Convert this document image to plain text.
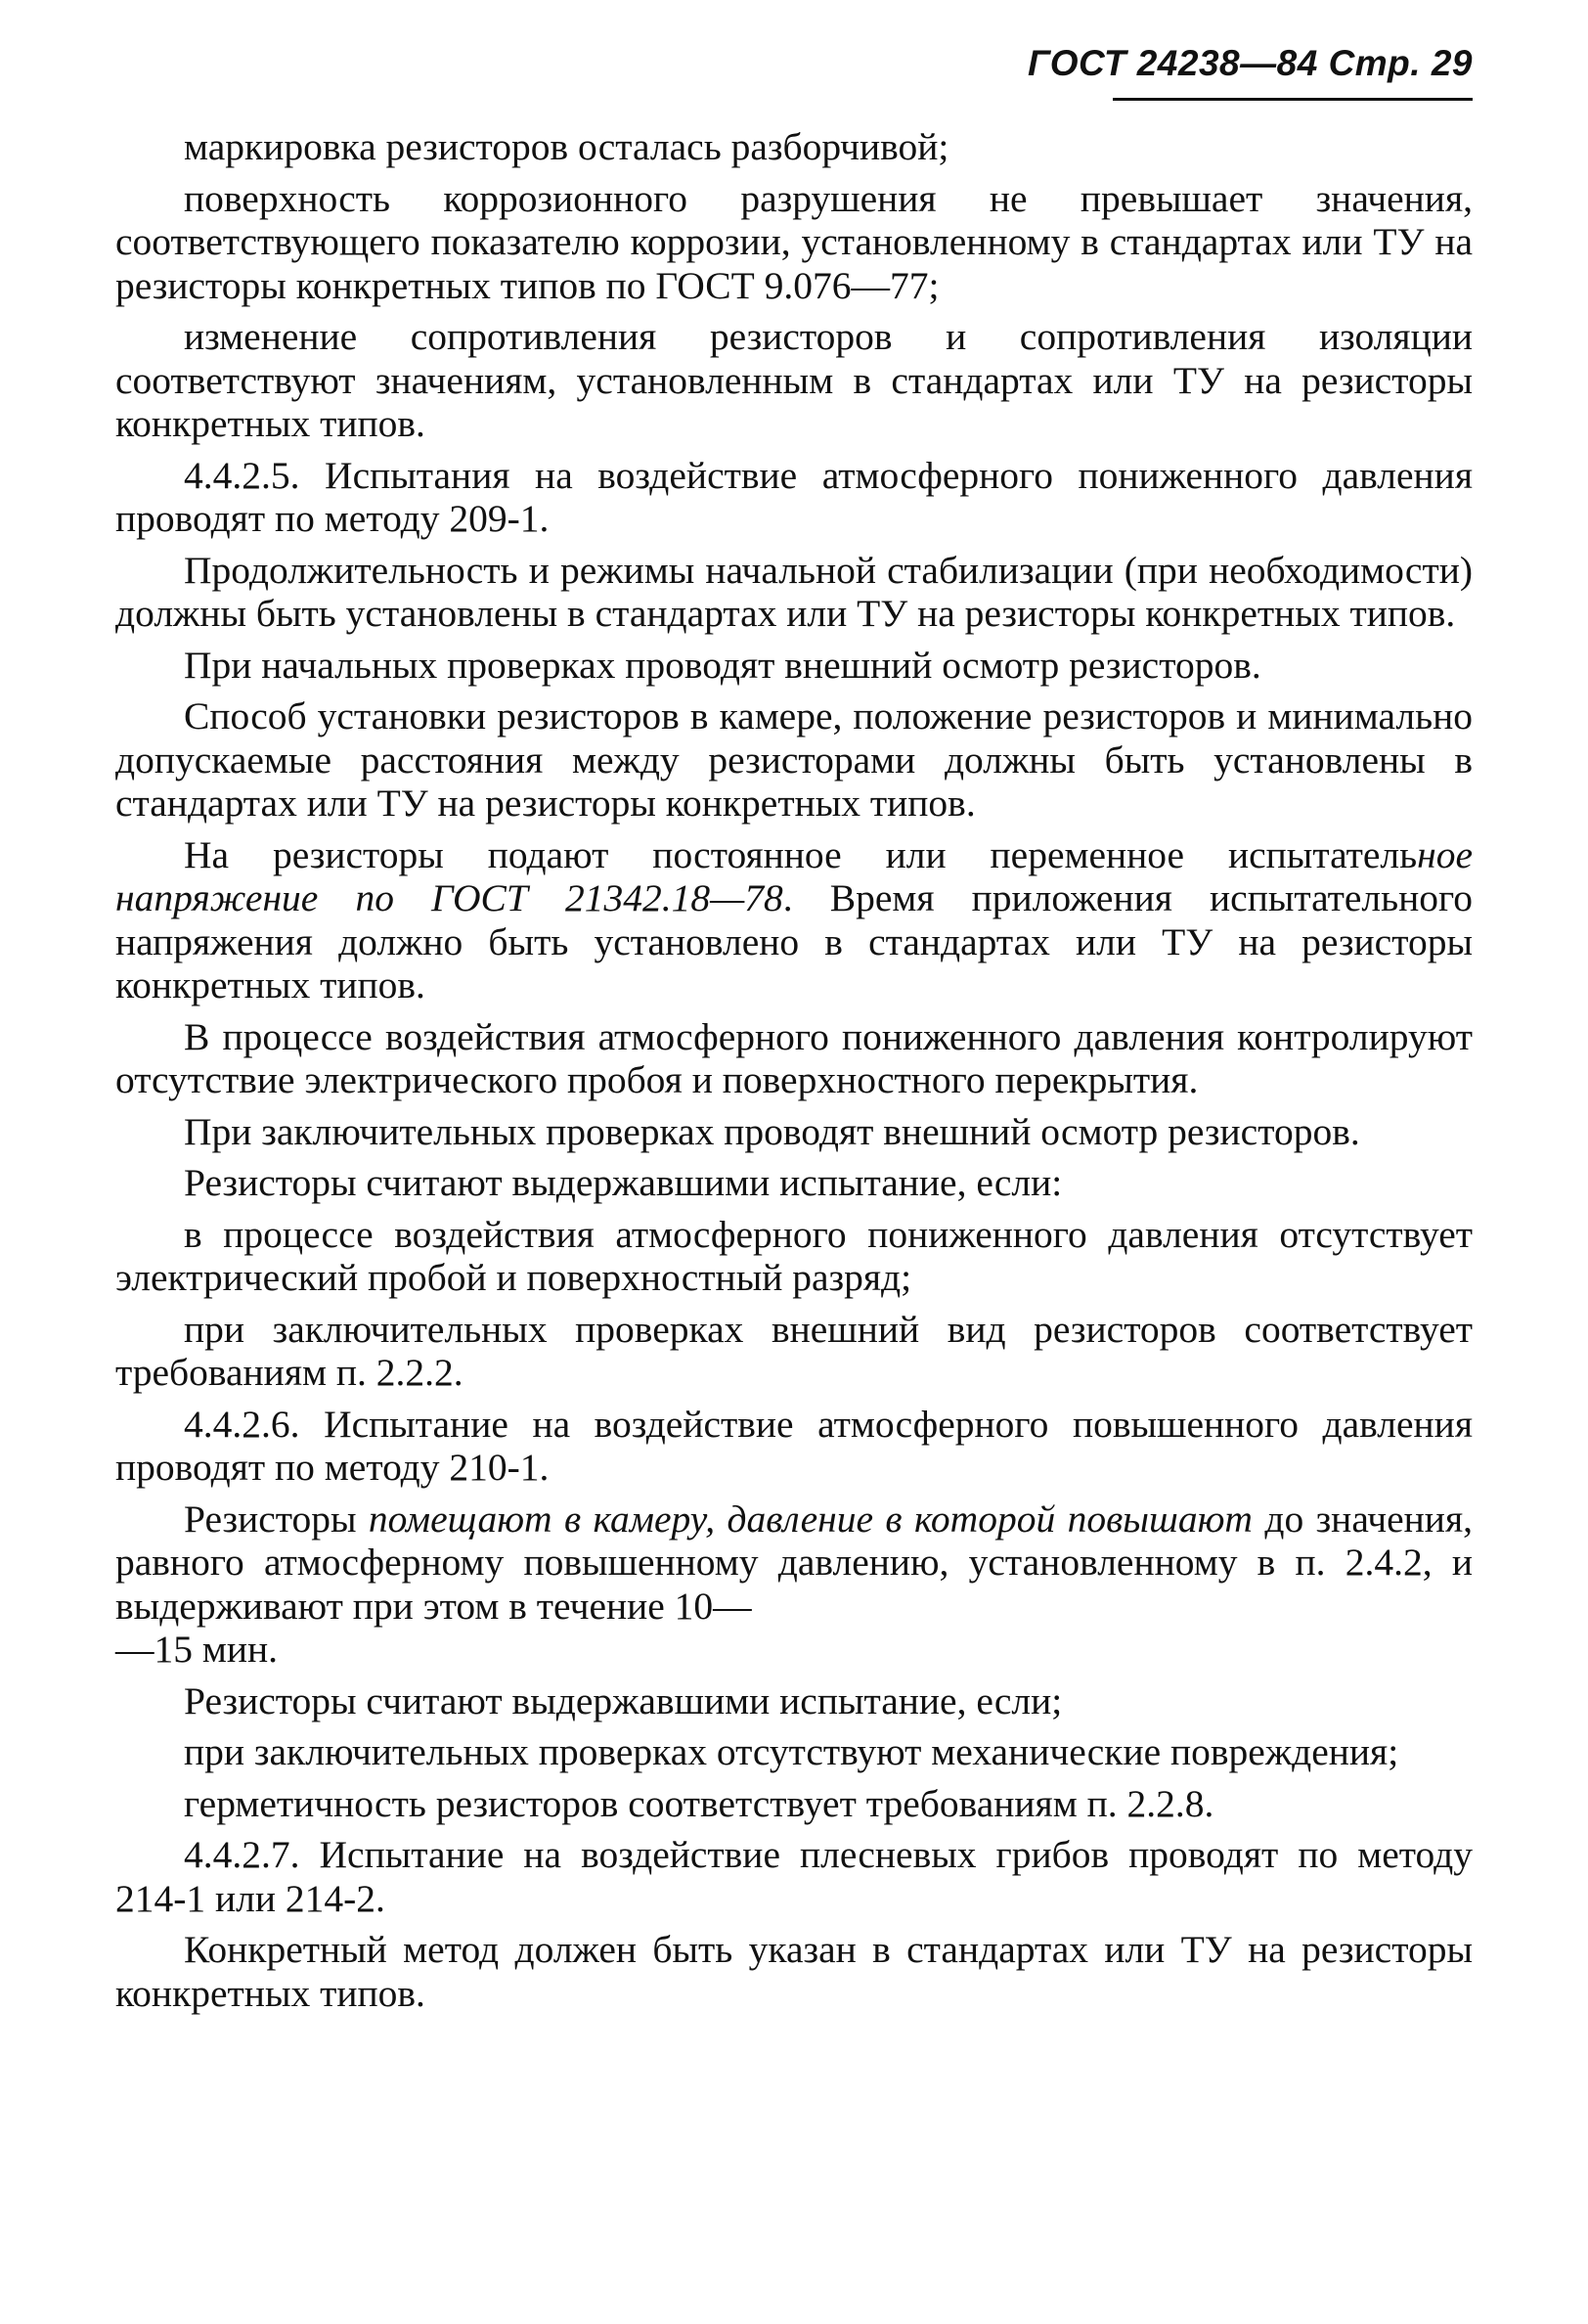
ГОСТ 24238—84 Стр. 29

маркировка резисторов осталась разборчивой;

поверхность коррозионного разрушения не превышает значения, соответствующего показателю коррозии, установленному в стандартах или ТУ на резисторы конкретных типов по ГОСТ 9.076—77;

изменение сопротивления резисторов и сопротивления изоляции соответствуют значениям, установленным в стандартах или ТУ на резисторы конкретных типов.

4.4.2.5. Испытания на воздействие атмосферного пониженного давления проводят по методу 209-1.

Продолжительность и режимы начальной стабилизации (при необходимости) должны быть установлены в стандартах или ТУ на резисторы конкретных типов.

При начальных проверках проводят внешний осмотр резисторов.

Способ установки резисторов в камере, положение резисторов и минимально допускаемые расстояния между резисторами должны быть установлены в стандартах или ТУ на резисторы конкретных типов.

На резисторы подают постоянное или переменное испытательное напряжение по ГОСТ 21342.18—78. Время приложения испытательного напряжения должно быть установлено в стандартах или ТУ на резисторы конкретных типов.

В процессе воздействия атмосферного пониженного давления контролируют отсутствие электрического пробоя и поверхностного перекрытия.

При заключительных проверках проводят внешний осмотр резисторов.

Резисторы считают выдержавшими испытание, если:

в процессе воздействия атмосферного пониженного давления отсутствует электрический пробой и поверхностный разряд;

при заключительных проверках внешний вид резисторов соответствует требованиям п. 2.2.2.

4.4.2.6. Испытание на воздействие атмосферного повышенного давления проводят по методу 210-1.

Резисторы помещают в камеру, давление в которой повышают до значения, равного атмосферному повышенному давлению, установленному в п. 2.4.2, и выдерживают при этом в течение 10—
—15 мин.

Резисторы считают выдержавшими испытание, если;

при заключительных проверках отсутствуют механические повреждения;

герметичность резисторов соответствует требованиям п. 2.2.8.

4.4.2.7. Испытание на воздействие плесневых грибов проводят по методу 214-1 или 214-2.

Конкретный метод должен быть указан в стандартах или ТУ на резисторы конкретных типов.
